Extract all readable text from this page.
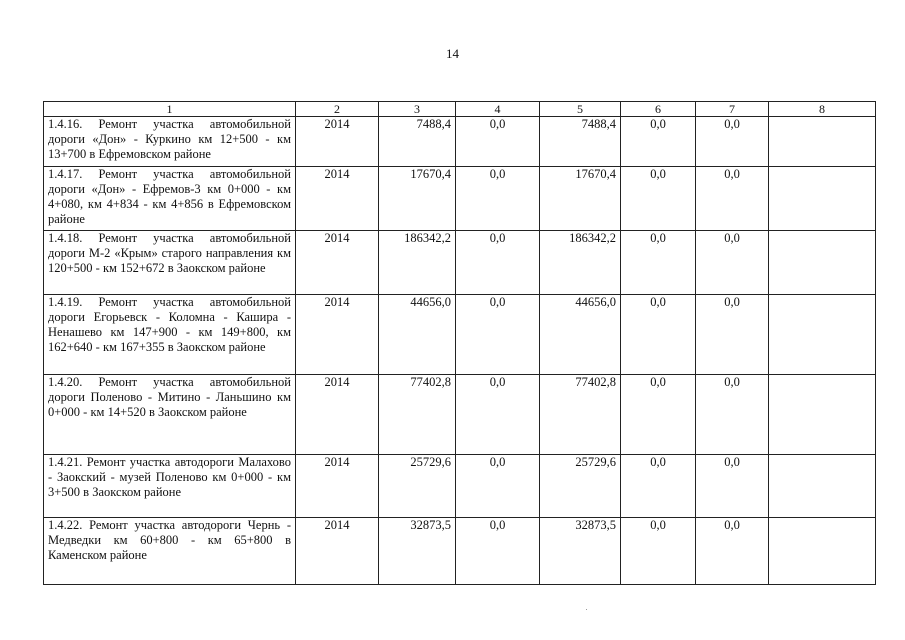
14
1	2	3	4	5	6	7	8
1.4.16. Ремонт участка автомобильной дороги «Дон» - Куркино км 12+500 - км 13+700 в Ефремовском районе	2014	7488,4	0,0	7488,4	0,0	0,0	
1.4.17. Ремонт участка автомобильной дороги «Дон» - Ефремов-3 км 0+000 - км 4+080, км 4+834 - км 4+856 в Ефремовском районе	2014	17670,4	0,0	17670,4	0,0	0,0	
1.4.18. Ремонт участка автомобильной дороги М-2 «Крым» старого направления км 120+500 - км 152+672 в Заокском районе	2014	186342,2	0,0	186342,2	0,0	0,0	
1.4.19. Ремонт участка автомобильной дороги Егорьевск - Коломна - Кашира - Ненашево км 147+900 - км 149+800, км 162+640 - км 167+355 в Заокском районе	2014	44656,0	0,0	44656,0	0,0	0,0	
1.4.20. Ремонт участка автомобильной дороги Поленово - Митино - Ланьшино км 0+000 - км 14+520 в Заокском районе	2014	77402,8	0,0	77402,8	0,0	0,0	
1.4.21. Ремонт участка автодороги Малахово - Заокский - музей Поленово км 0+000 - км 3+500 в Заокском районе	2014	25729,6	0,0	25729,6	0,0	0,0	
1.4.22. Ремонт участка автодороги Чернь - Медведки км 60+800 - км 65+800 в Каменском районе	2014	32873,5	0,0	32873,5	0,0	0,0	
